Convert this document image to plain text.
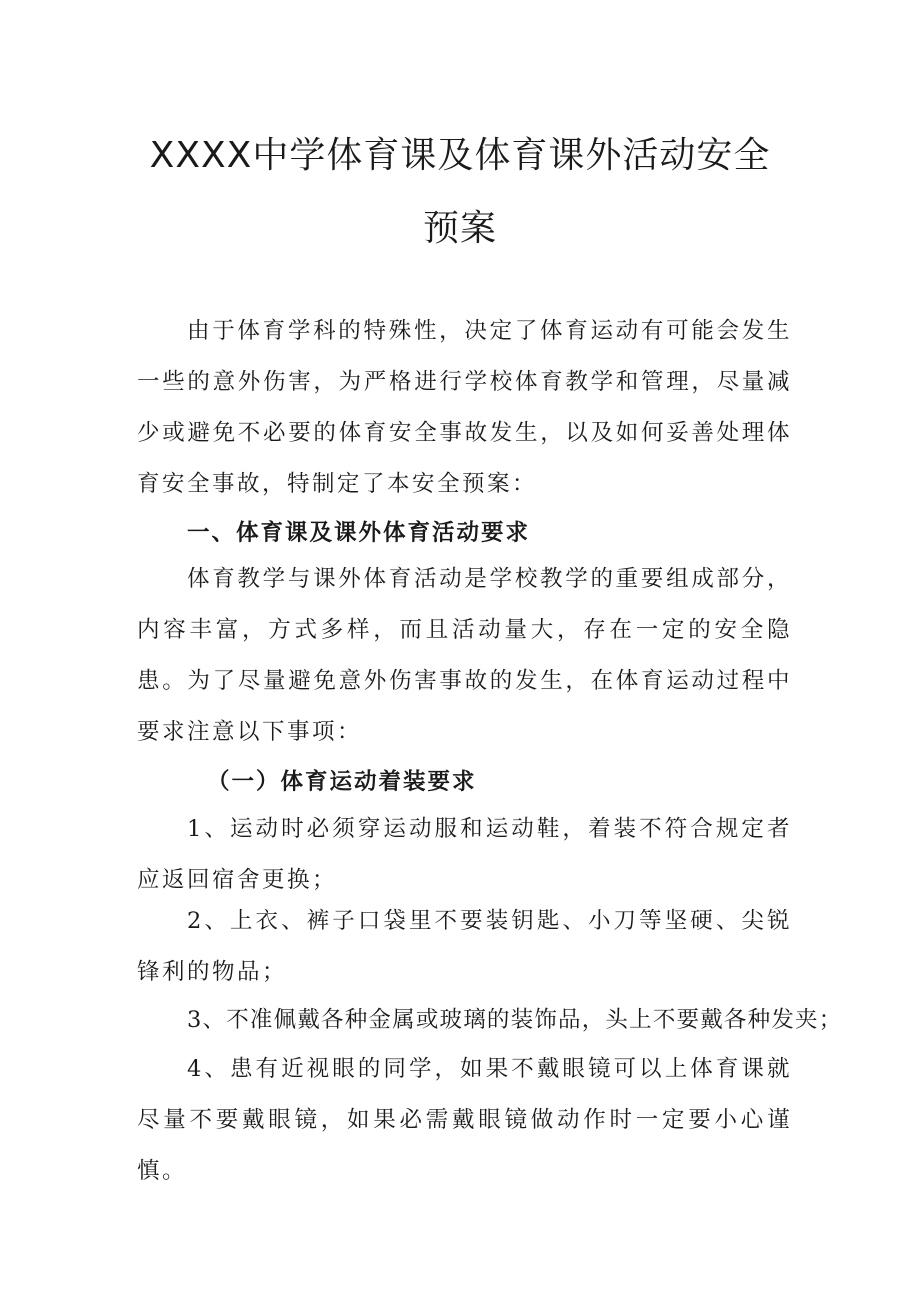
XXXX中学体育课及体育课外活动安全
预案

由于体育学科的特殊性，决定了体育运动有可能会发生一些的意外伤害，为严格进行学校体育教学和管理，尽量减少或避免不必要的体育安全事故发生，以及如何妥善处理体育安全事故，特制定了本安全预案：

一、体育课及课外体育活动要求

体育教学与课外体育活动是学校教学的重要组成部分，内容丰富，方式多样，而且活动量大，存在一定的安全隐患。为了尽量避免意外伤害事故的发生，在体育运动过程中要求注意以下事项：

（一）体育运动着装要求

1、运动时必须穿运动服和运动鞋，着装不符合规定者应返回宿舍更换；

2、上衣、裤子口袋里不要装钥匙、小刀等坚硬、尖锐锋利的物品；

3、不准佩戴各种金属或玻璃的装饰品，头上不要戴各种发夹；

4、患有近视眼的同学，如果不戴眼镜可以上体育课就尽量不要戴眼镜，如果必需戴眼镜做动作时一定要小心谨慎。
